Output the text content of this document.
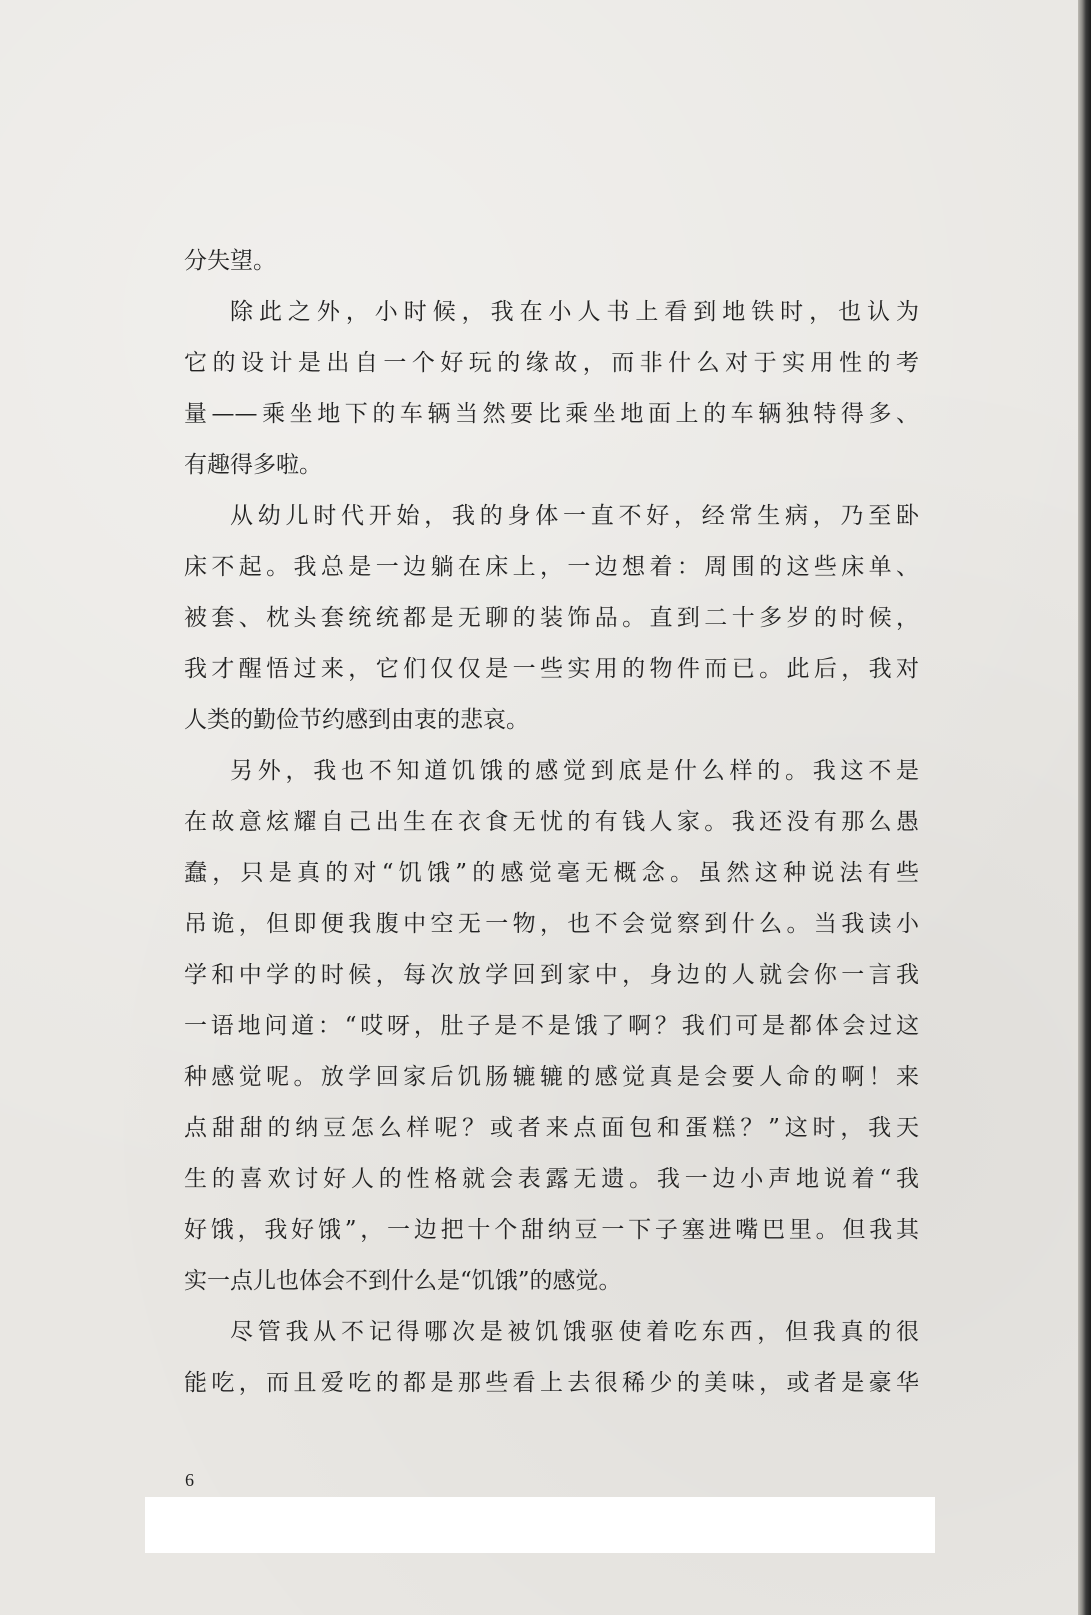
分失望。
除此之外，小时候，我在小人书上看到地铁时，也认为
它的设计是出自一个好玩的缘故，而非什么对于实用性的考
量——乘坐地下的车辆当然要比乘坐地面上的车辆独特得多、
有趣得多啦。
从幼儿时代开始，我的身体一直不好，经常生病，乃至卧
床不起。我总是一边躺在床上，一边想着：周围的这些床单、
被套、枕头套统统都是无聊的装饰品。直到二十多岁的时候，
我才醒悟过来，它们仅仅是一些实用的物件而已。此后，我对
人类的勤俭节约感到由衷的悲哀。
另外，我也不知道饥饿的感觉到底是什么样的。我这不是
在故意炫耀自己出生在衣食无忧的有钱人家。我还没有那么愚
蠢，只是真的对“饥饿”的感觉毫无概念。虽然这种说法有些
吊诡，但即便我腹中空无一物，也不会觉察到什么。当我读小
学和中学的时候，每次放学回到家中，身边的人就会你一言我
一语地问道：“哎呀，肚子是不是饿了啊？我们可是都体会过这
种感觉呢。放学回家后饥肠辘辘的感觉真是会要人命的啊！来
点甜甜的纳豆怎么样呢？或者来点面包和蛋糕？”这时，我天
生的喜欢讨好人的性格就会表露无遗。我一边小声地说着“我
好饿，我好饿”，一边把十个甜纳豆一下子塞进嘴巴里。但我其
实一点儿也体会不到什么是“饥饿”的感觉。
尽管我从不记得哪次是被饥饿驱使着吃东西，但我真的很
能吃，而且爱吃的都是那些看上去很稀少的美味，或者是豪华
6
